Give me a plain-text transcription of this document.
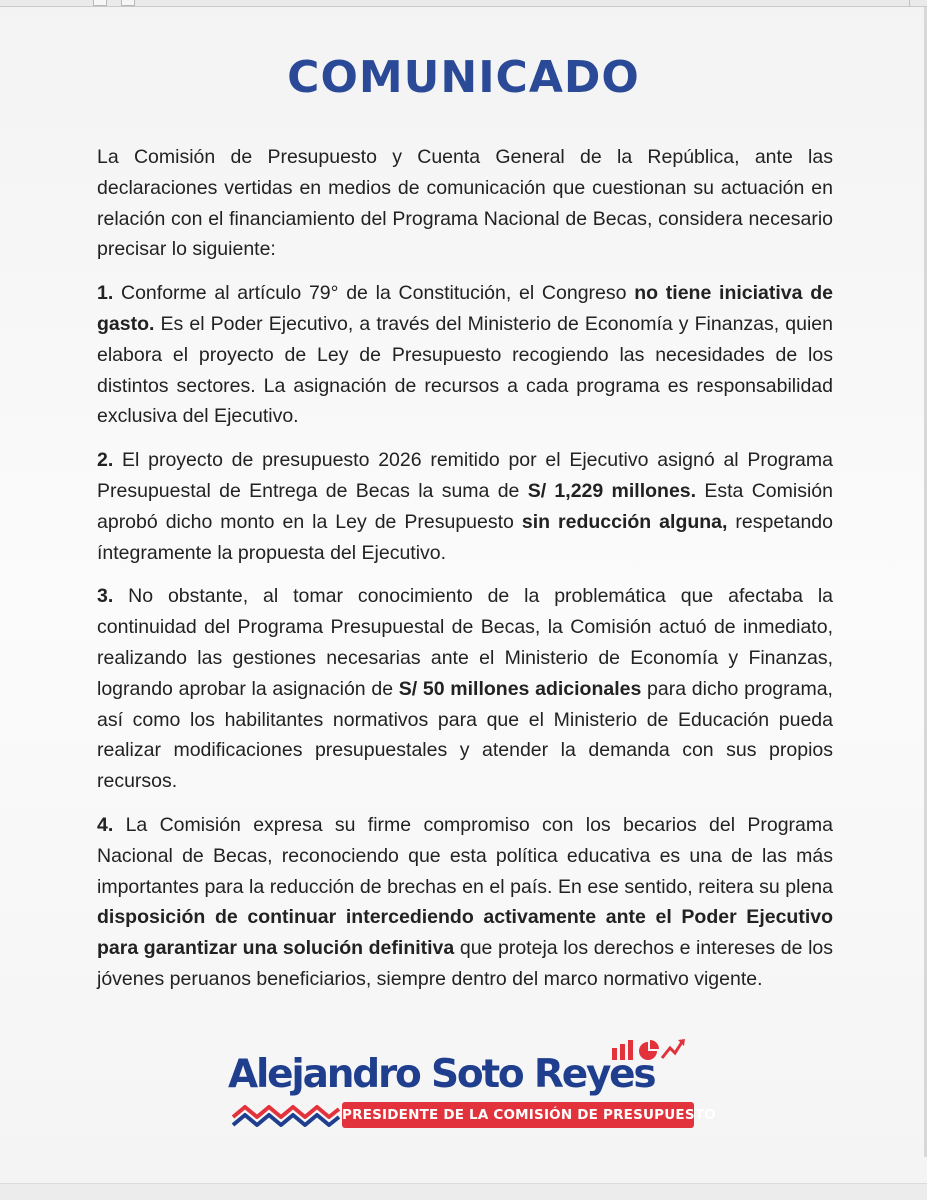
COMUNICADO

La Comisión de Presupuesto y Cuenta General de la República, ante las declaraciones vertidas en medios de comunicación que cuestionan su actuación en relación con el financiamiento del Programa Nacional de Becas, considera necesario precisar lo siguiente:

1. Conforme al artículo 79° de la Constitución, el Congreso no tiene iniciativa de gasto. Es el Poder Ejecutivo, a través del Ministerio de Economía y Finanzas, quien elabora el proyecto de Ley de Presupuesto recogiendo las necesidades de los distintos sectores. La asignación de recursos a cada programa es responsabilidad exclusiva del Ejecutivo.

2. El proyecto de presupuesto 2026 remitido por el Ejecutivo asignó al Programa Presupuestal de Entrega de Becas la suma de S/ 1,229 millones. Esta Comisión aprobó dicho monto en la Ley de Presupuesto sin reducción alguna, respetando íntegramente la propuesta del Ejecutivo.

3. No obstante, al tomar conocimiento de la problemática que afectaba la continuidad del Programa Presupuestal de Becas, la Comisión actuó de inmediato, realizando las gestiones necesarias ante el Ministerio de Economía y Finanzas, logrando aprobar la asignación de S/ 50 millones adicionales para dicho programa, así como los habilitantes normativos para que el Ministerio de Educación pueda realizar modificaciones presupuestales y atender la demanda con sus propios recursos.

4. La Comisión expresa su firme compromiso con los becarios del Programa Nacional de Becas, reconociendo que esta política educativa es una de las más importantes para la reducción de brechas en el país. En ese sentido, reitera su plena disposición de continuar intercediendo activamente ante el Poder Ejecutivo para garantizar una solución definitiva que proteja los derechos e intereses de los jóvenes peruanos beneficiarios, siempre dentro del marco normativo vigente.

Alejandro Soto Reyes
PRESIDENTE DE LA COMISIÓN DE PRESUPUESTO
